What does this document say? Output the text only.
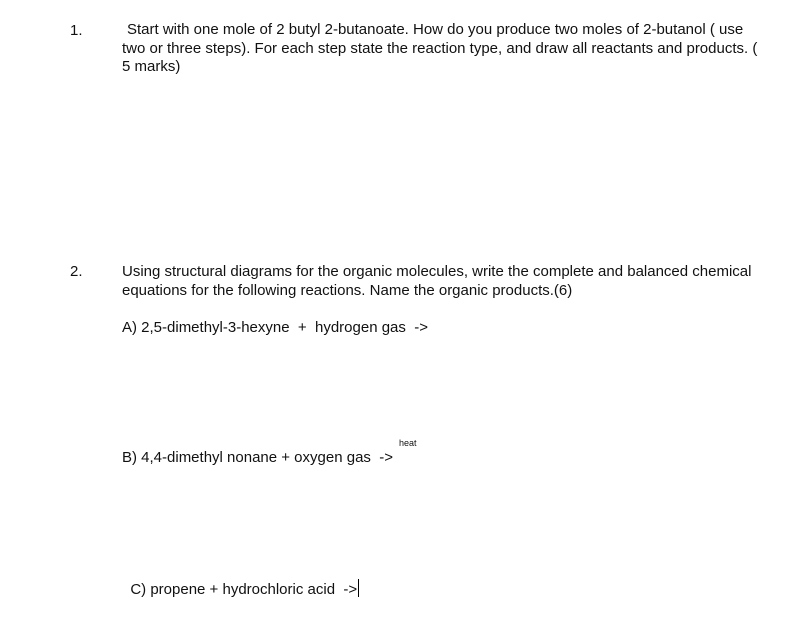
1.	Start with one mole of 2 butyl 2-butanoate. How do you produce two moles of 2-butanol ( use two or three steps). For each step state the reaction type, and draw all reactants and products. ( 5 marks)

2.	Using structural diagrams for the organic molecules, write the complete and balanced chemical equations for the following reactions. Name the organic products.(6)

A) 2,5-dimethyl-3-hexyne  +  hydrogen gas  ->
heat
B) 4,4-dimethyl nonane + oxygen gas  ->

C) propene + hydrochloric acid  ->
